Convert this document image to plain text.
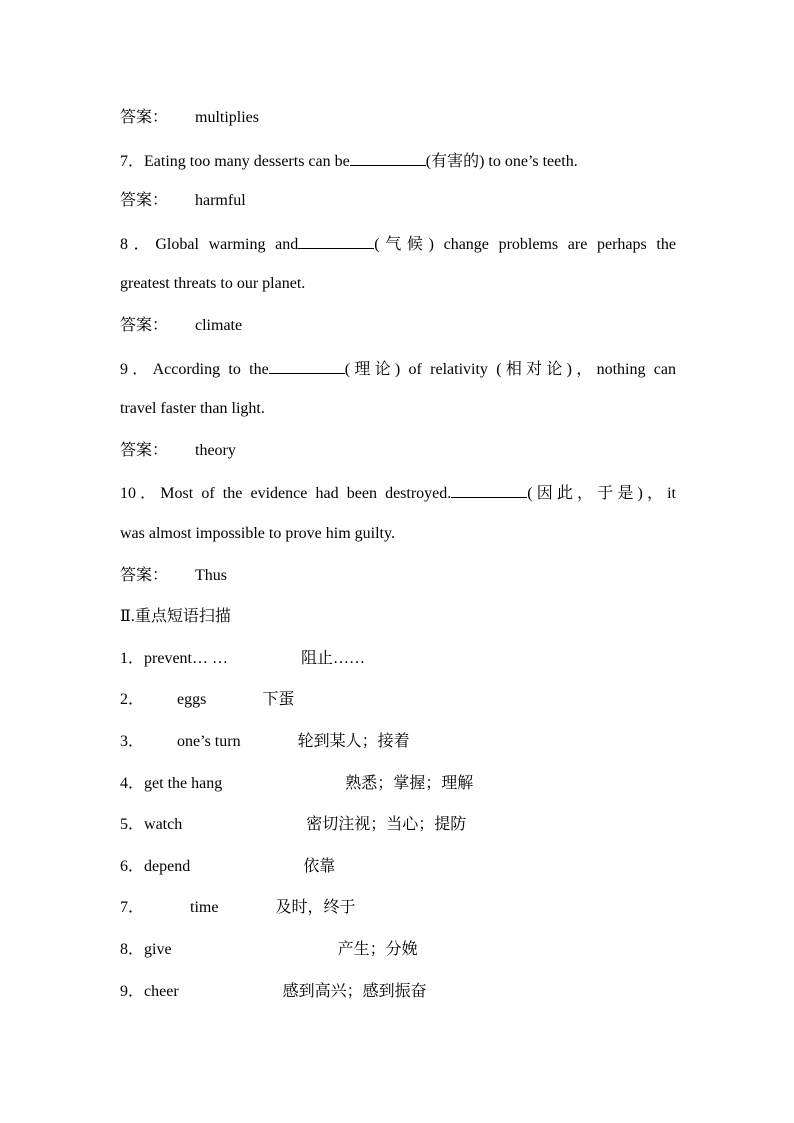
答案： multiplies
7．Eating too many desserts can be	(有害的) to one’s teeth.
答案： harmful
8．Global warming and	(气候) change problems are perhaps the
greatest threats to our planet.
答案： climate
9．According to the	(理论) of relativity (相对论)，nothing can
travel faster than light.
答案： theory
10．Most of the evidence had been destroyed.	(因此，于是)，it
was almost impossible to prove him guilty.
答案： Thus
Ⅱ.重点短语扫描
1．prevent… …	阻止……
2． eggs	下蛋
3． one’s turn	轮到某人；接着
4．get the hang	熟悉；掌握；理解
5．watch	密切注视；当心；提防
6．depend	依靠
7．	time	及时，终于
8．give	产生；分娩
9．cheer	感到高兴；感到振奋
